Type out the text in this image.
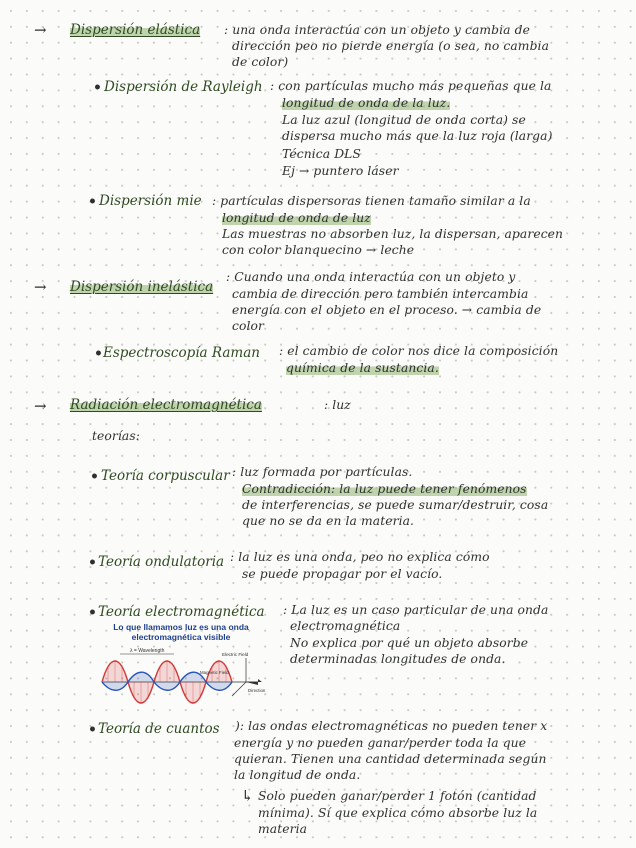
→ Dispersión elástica : una onda interactúa con un objeto y cambia de
dirección peo no pierde energía (o sea, no cambia
de color)
• Dispersión de Rayleigh : con partículas mucho más pequeñas que la
longitud de onda de la luz.
La luz azul (longitud de onda corta) se
dispersa mucho más que la luz roja (larga)
Técnica DLS
Ej → puntero láser
• Dispersión mie : partículas dispersoras tienen tamaño similar a la
longitud de onda de luz
Las muestras no absorben luz, la dispersan, aparecen
con color blanquecino → leche
→ Dispersión inelástica
: Cuando una onda interactúa con un objeto y
cambia de dirección pero también intercambia
energía con el objeto en el proceso. → cambia de
color
• Espectroscopía Raman : el cambio de color nos dice la composición
química de la sustancia.
→ Radiación electromagnética	: luz
teorías:
• Teoría corpuscular : luz formada por partículas.
Contradicción: la luz puede tener fenómenos
de interferencias, se puede sumar/destruir, cosa
que no se da en la materia.
• Teoría ondulatoria : la luz es una onda, peo no explica cómo
se puede propagar por el vacío.
• Teoría electromagnética : La luz es un caso particular de una onda
electromagnética
No explica por qué un objeto absorbe
determinadas longitudes de onda.
Lo que llamamos luz es una onda
electromagnética visible
λ = Wavelength
Electric Field
Magnetic Field
Direction
• Teoría de cuantos ): las ondas electromagnéticas no pueden tener x
energía y no pueden ganar/perder toda la que
quieran. Tienen una cantidad determinada según
la longitud de onda.
↳ Solo pueden ganar/perder 1 fotón (cantidad
mínima). Sí que explica cómo absorbe luz la
materia
